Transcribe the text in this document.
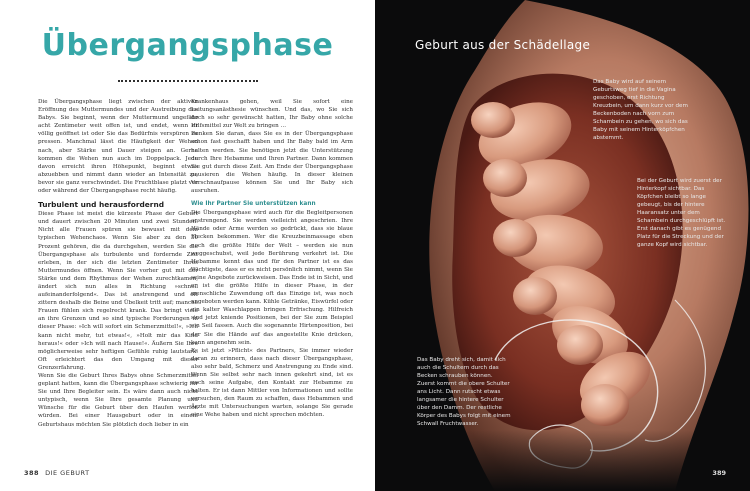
Übergangsphase

Die Übergangsphase liegt zwischen der aktiven Eröffnung des Muttermundes und der Austreibung des Babys. Sie beginnt, wenn der Muttermund ungefähr acht Zentimeter weit offen ist, und endet, wenn er völlig geöffnet ist oder Sie das Bedürfnis verspüren zu pressen. Manchmal lässt die Häufigkeit der Wehen nach, aber Stärke und Dauer steigen an. Gerne kommen die Wehen nun auch im Doppelpack. Jede davon erreicht ihren Höhepunkt, beginnt etwas abzuebben und nimmt dann wieder an Intensität zu, bevor sie ganz verschwindet. Die Fruchtblase platzt vor oder während der Übergangsphase recht häufig.

Turbulent und herausfordernd

Diese Phase ist meist die kürzeste Phase der Geburt und dauert zwischen 20 Minuten und zwei Stunden. Nicht alle Frauen spüren sie bewusst mit dem typischen Wehenchaos. Wenn Sie aber zu den 30 Prozent gehören, die da durchgehen, werden Sie die Übergangsphase als turbulente und fordernde Zeit erleben, in der sich die letzten Zentimeter Ihres Muttermundes öffnen. Wenn Sie vorher gut mit der Stärke und dem Rhythmus der Wehen zurechtkamen, ändert sich nun alles in Richtung »schnell aufeinanderfolgend«. Das ist anstrengend und oft zittern deshalb die Beine und Übelkeit tritt auf; manche Frauen fühlen sich regelrecht krank. Das bringt viele an ihre Grenzen und so sind typische Forderungen in dieser Phase: »Ich will sofort ein Schmerzmittel!«, »Ich kann nicht mehr, tut etwas!«, »Holt mir das Kind heraus!« oder »Ich will nach Hause!«. Äußern Sie Ihre möglicherweise sehr heftigen Gefühle ruhig lautstark. Oft erleichtert das den Umgang mit dieser Grenzerfahrung.

Wenn Sie die Geburt Ihres Babys ohne Schmerzmittel geplant hatten, kann die Übergangsphase schwierig für Sie und Ihre Begleiter sein. Es wäre dann auch nicht untypisch, wenn Sie Ihre gesamte Planung und Wünsche für die Geburt über den Haufen werfen würden. Bei einer Hausgeburt oder in einem Geburtshaus möchten Sie plötzlich doch lieber in ein

Krankenhaus gehen, weil Sie sofort eine Leitungsanästhesie wünschen. Und das, wo Sie sich doch so sehr gewünscht hatten, Ihr Baby ohne solche Hilfsmittel zur Welt zu bringen …

Denken Sie daran, dass Sie es in der Übergangsphase schon fast geschafft haben und Ihr Baby bald im Arm halten werden. Sie benötigen jetzt die Unterstützung durch Ihre Hebamme und Ihren Partner. Dann kommen Sie gut durch diese Zeit. Am Ende der Übergangsphase pausieren die Wehen häufig. In dieser kleinen Verschnaufpause können Sie und Ihr Baby sich ausruhen.

Wie Ihr Partner Sie unterstützen kann

Die Übergangsphase wird auch für die Begleitpersonen anstrengend. Sie werden vielleicht angeschrien. Ihre Hände oder Arme werden so gedrückt, dass sie blaue Flecken bekommen. Wer die Kreuzbeinmassage eben noch die größte Hilfe der Welt – werden sie nun weggeschubst, weil jede Berührung verkehrt ist. Die Hebamme kennt das und für den Partner ist es das Wichtigste, dass er es nicht persönlich nimmt, wenn Sie seine Angebote zurückweisen. Das Ende ist in Sicht, und er ist die größte Hilfe in dieser Phase, in der menschliche Zuwendung oft das Einzige ist, was noch angeboten werden kann. Kühle Getränke, Eiswürfel oder ein kalter Waschlappen bringen Erfrischung. Hilfreich sind jetzt kniende Positionen, bei der Sie zum Beispiel ein Seil fassen. Auch die sogenannte Hirtenposition, bei der Sie die Hände auf das angestellte Knie drücken, kann angenehm sein.

Es ist jetzt »Pflicht« des Partners, Sie immer wieder daran zu erinnern, dass nach dieser Übergangsphase, also sehr bald, Schmerz und Anstrengung zu Ende sind. Wenn Sie selbst sehr nach innen gekehrt sind, ist es auch seine Aufgabe, den Kontakt zur Hebamme zu halten. Er ist dann Mittler von Informationen und sollte versuchen, den Raum zu schaffen, dass Hebammen und Ärzte mit Untersuchungen warten, solange Sie gerade eine Wehe haben und nicht sprechen möchten.

388 DIE GEBURT
Geburt aus der Schädellage
Das Baby wird auf seinem Geburtsweg tief in die Vagina geschoben, erst Richtung Kreuzbein, um dann kurz vor dem Beckenboden nach vorn zum Schambein zu gehen, wo sich das Baby mit seinem Hinterköpfchen abstemmt.
Bei der Geburt wird zuerst der Hinterkopf sichtbar. Das Köpfchen bleibt so lange gebeugt, bis der hintere Haaransatz unter dem Schambein durchgeschlüpft ist. Erst danach gibt es genügend Platz für die Streckung und der ganze Kopf wird sichtbar.
Das Baby dreht sich, damit sich auch die Schultern durch das Becken schrauben können. Zuerst kommt die obere Schulter ans Licht. Dann rutscht etwas langsamer die hintere Schulter über den Damm. Der restliche Körper des Babys folgt mit einem Schwall Fruchtwasser.
389
